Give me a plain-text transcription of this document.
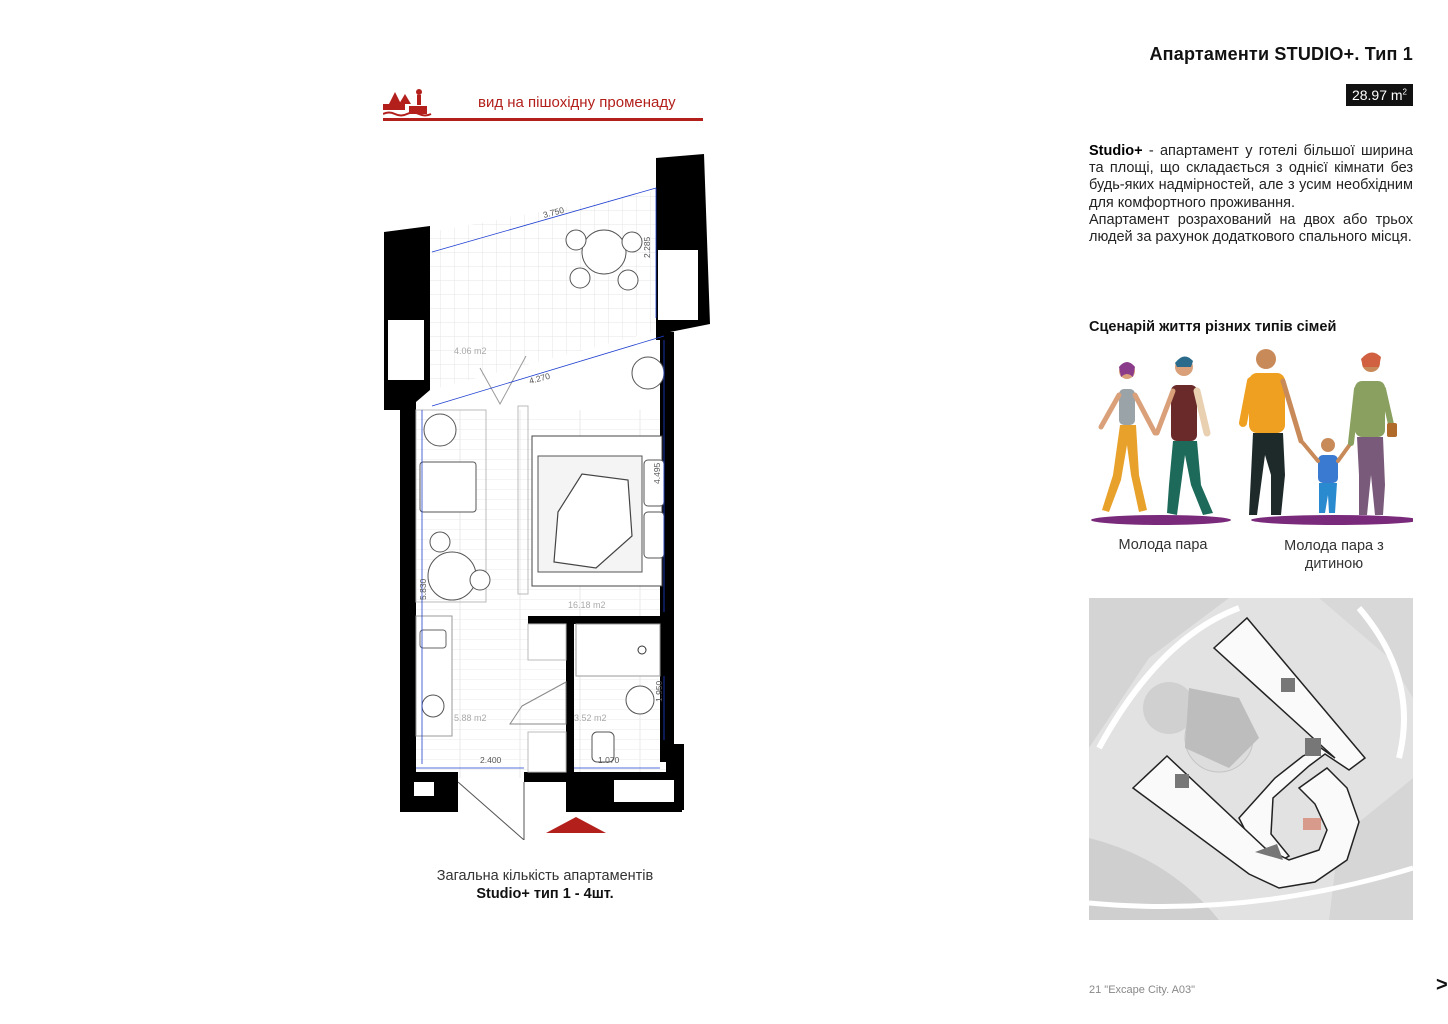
Апартаменти STUDIO+. Тип 1
28.97 $m^2$
Studio+ - апартамент у готелі більшої ширина та площі, що складається з однієї кімнати без будь-яких надмірностей, але з усим необхідним для комфортного проживання.
Апартамент розрахований на двох або трьох людей за рахунок додаткового спального місця.
Сценарій життя різних типів сімей
Молода пара	Молода пара з дитиною
вид на пішохідну променаду
3.750
2.285
4.270
4.495
5.830
1.950
2.400	1.070
4.06 m2
16.18 m2
5.88 m2	3.52 m2
Загальна кількість апартаментів
Studio+ тип 1 - 4шт.
21 "Excape City. A03"	>
